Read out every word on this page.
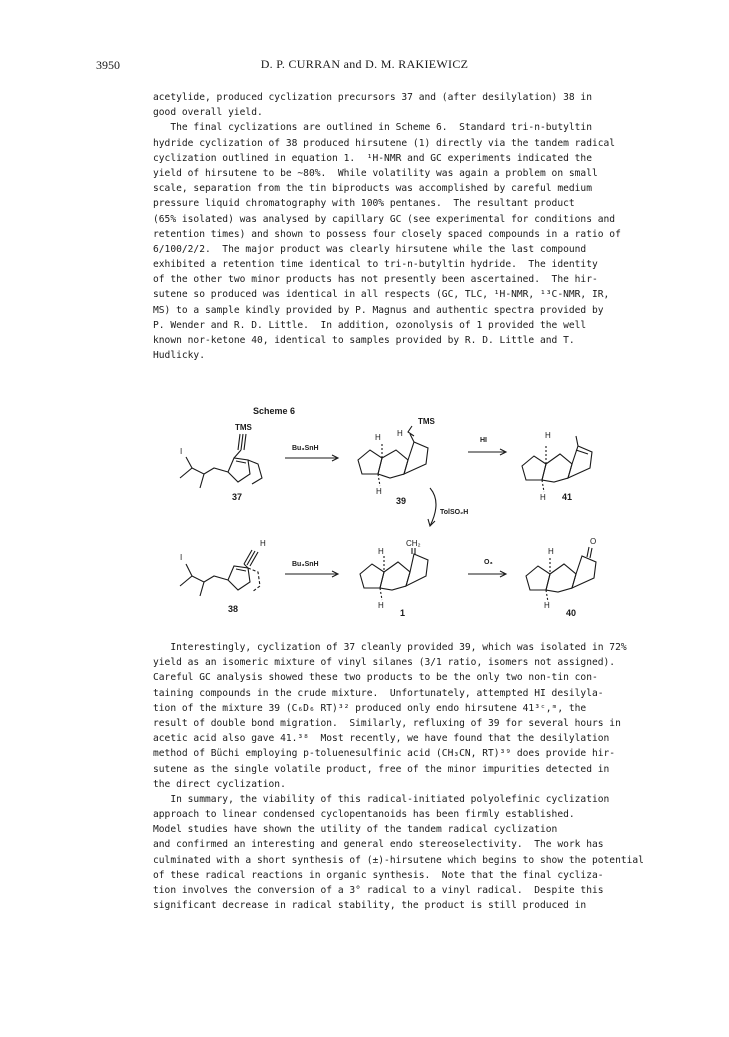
3950	D. P. CURRAN and D. M. RAKIEWICZ
acetylide, produced cyclization precursors 37 and (after desilylation) 38 in
good overall yield.
The final cyclizations are outlined in Scheme 6.  Standard tri-n-butyltin
hydride cyclization of 38 produced hirsutene (1) directly via the tandem radical
cyclization outlined in equation 1.  ¹H-NMR and GC experiments indicated the
yield of hirsutene to be ~80%.  While volatility was again a problem on small
scale, separation from the tin biproducts was accomplished by careful medium
pressure liquid chromatography with 100% pentanes.  The resultant product
(65% isolated) was analysed by capillary GC (see experimental for conditions and
retention times) and shown to possess four closely spaced compounds in a ratio of
6/100/2/2.  The major product was clearly hirsutene while the last compound
exhibited a retention time identical to tri-n-butyltin hydride.  The identity
of the other two minor products has not presently been ascertained.  The hir-
sutene so produced was identical in all respects (GC, TLC, ¹H-NMR, ¹³C-NMR, IR,
MS) to a sample kindly provided by P. Magnus and authentic spectra provided by
P. Wender and R. D. Little.  In addition, ozonolysis of 1 provided the well
known nor-ketone 40, identical to samples provided by R. D. Little and T.
Hudlicky.
Scheme 6
TMS
I
37
Bu₃SnH
TMS
H H
H
39
HI
H
H 41
TolSO₂H
H
I
38
Bu₃SnH
CH₂
H
H
1
O₃
O
H
H
40
Interestingly, cyclization of 37 cleanly provided 39, which was isolated in 72%
yield as an isomeric mixture of vinyl silanes (3/1 ratio, isomers not assigned).
Careful GC analysis showed these two products to be the only two non-tin con-
taining compounds in the crude mixture.  Unfortunately, attempted HI desilyla-
tion of the mixture 39 (C₆D₆ RT)³² produced only endo hirsutene 41³ᶜ,ᵐ, the
result of double bond migration.  Similarly, refluxing of 39 for several hours in
acetic acid also gave 41.³⁸  Most recently, we have found that the desilylation
method of Büchi employing p-toluenesulfinic acid (CH₃CN, RT)³⁹ does provide hir-
sutene as the single volatile product, free of the minor impurities detected in
the direct cyclization.
In summary, the viability of this radical-initiated polyolefinic cyclization
approach to linear condensed cyclopentanoids has been firmly established.
Model studies have shown the utility of the tandem radical cyclization
and confirmed an interesting and general endo stereoselectivity.  The work has
culminated with a short synthesis of (±)-hirsutene which begins to show the potential
of these radical reactions in organic synthesis.  Note that the final cycliza-
tion involves the conversion of a 3° radical to a vinyl radical.  Despite this
significant decrease in radical stability, the product is still produced in
